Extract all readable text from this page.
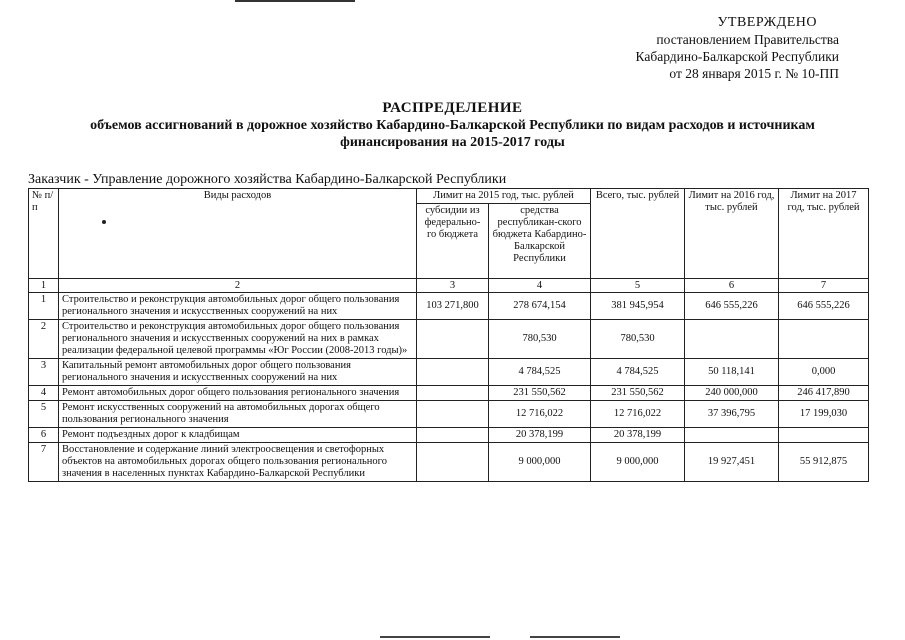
УТВЕРЖДЕНО
постановлением Правительства
Кабардино-Балкарской Республики
от 28 января 2015 г. № 10-ПП
РАСПРЕДЕЛЕНИЕ
объемов ассигнований в дорожное хозяйство Кабардино-Балкарской Республики по видам расходов и источникам
финансирования на 2015-2017 годы
Заказчик - Управление дорожного хозяйства Кабардино-Балкарской Республики
№ п/п	Виды расходов	Лимит на 2015 год, тыс. рублей		Всего, тыс. рублей	Лимит на 2016 год, тыс. рублей	Лимит на 2017 год, тыс. рублей
		субсидии из федерально-го бюджета	средства республикан-ского бюджета Кабардино-Балкарской Республики			
1	2	3	4	5	6	7
1	Строительство и реконструкция автомобильных дорог общего пользования регионального значения и искусственных сооружений на них	103 271,800	278 674,154	381 945,954	646 555,226	646 555,226
2	Строительство и реконструкция автомобильных дорог общего пользования регионального значения и искусственных сооружений на них в рамках реализации федеральной целевой программы «Юг России (2008-2013 годы)»		780,530	780,530		
3	Капитальный ремонт автомобильных дорог общего пользования регионального значения и искусственных сооружений на них		4 784,525	4 784,525	50 118,141	0,000
4	Ремонт автомобильных дорог общего пользования регионального значения		231 550,562	231 550,562	240 000,000	246 417,890
5	Ремонт искусственных сооружений на автомобильных дорогах общего пользования регионального значения		12 716,022	12 716,022	37 396,795	17 199,030
6	Ремонт подъездных дорог к кладбищам		20 378,199	20 378,199		
7	Восстановление и содержание линий электроосвещения и светофорных объектов на автомобильных дорогах общего пользования регионального значения в населенных пунктах Кабардино-Балкарской Республики		9 000,000	9 000,000	19 927,451	55 912,875
